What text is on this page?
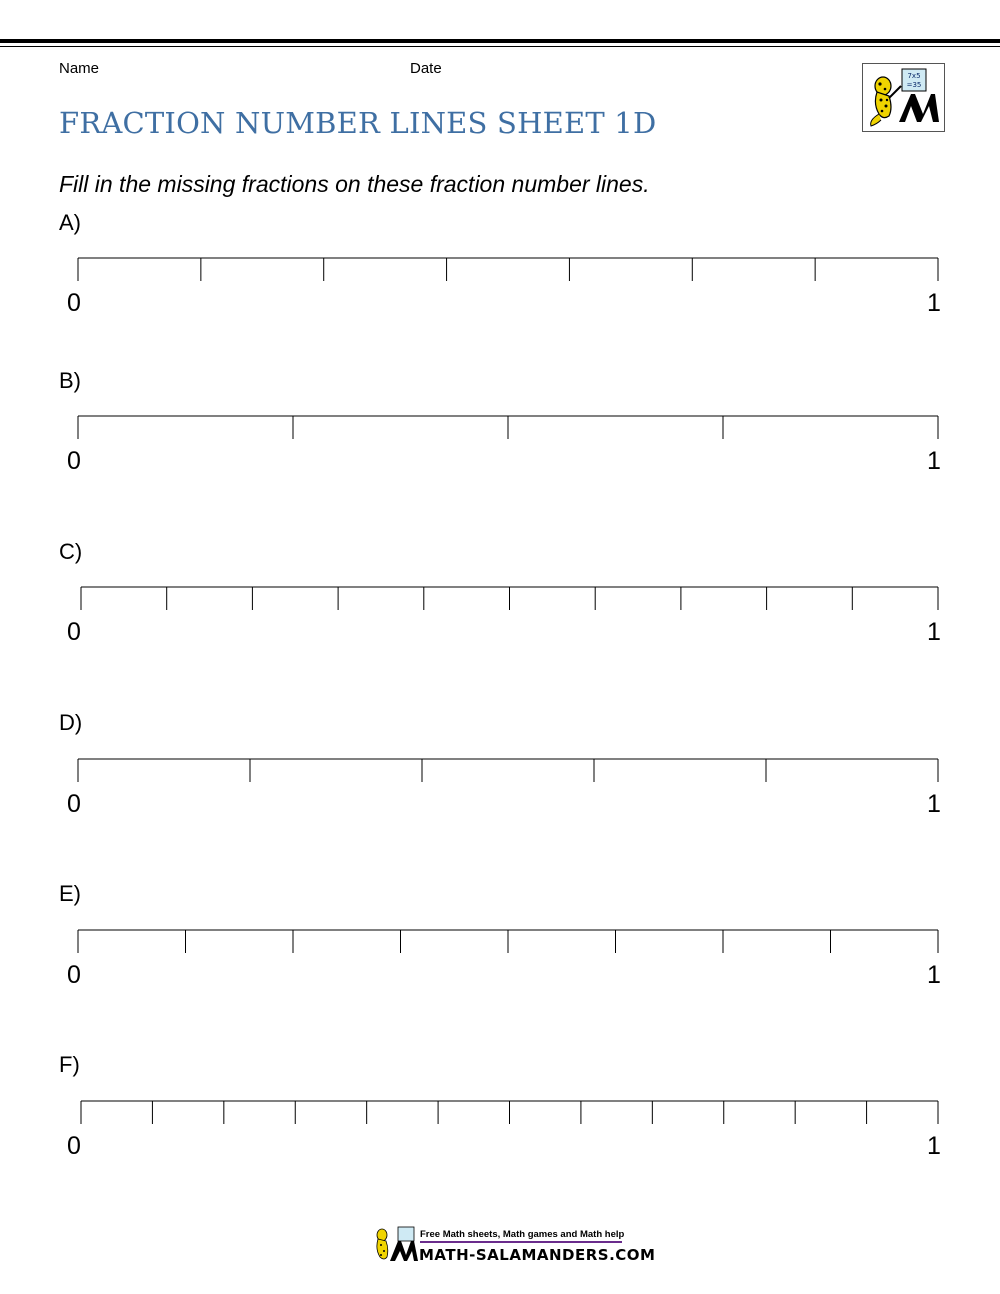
Name	Date
FRACTION NUMBER LINES SHEET 1D
7x5
=35
Fill in the missing fractions on these fraction number lines.
A)
0	1
B)
0	1
C)
0	1
D)
0	1
E)
0	1
F)
0	1
Free Math sheets, Math games and Math help
MATH-SALAMANDERS.COM
